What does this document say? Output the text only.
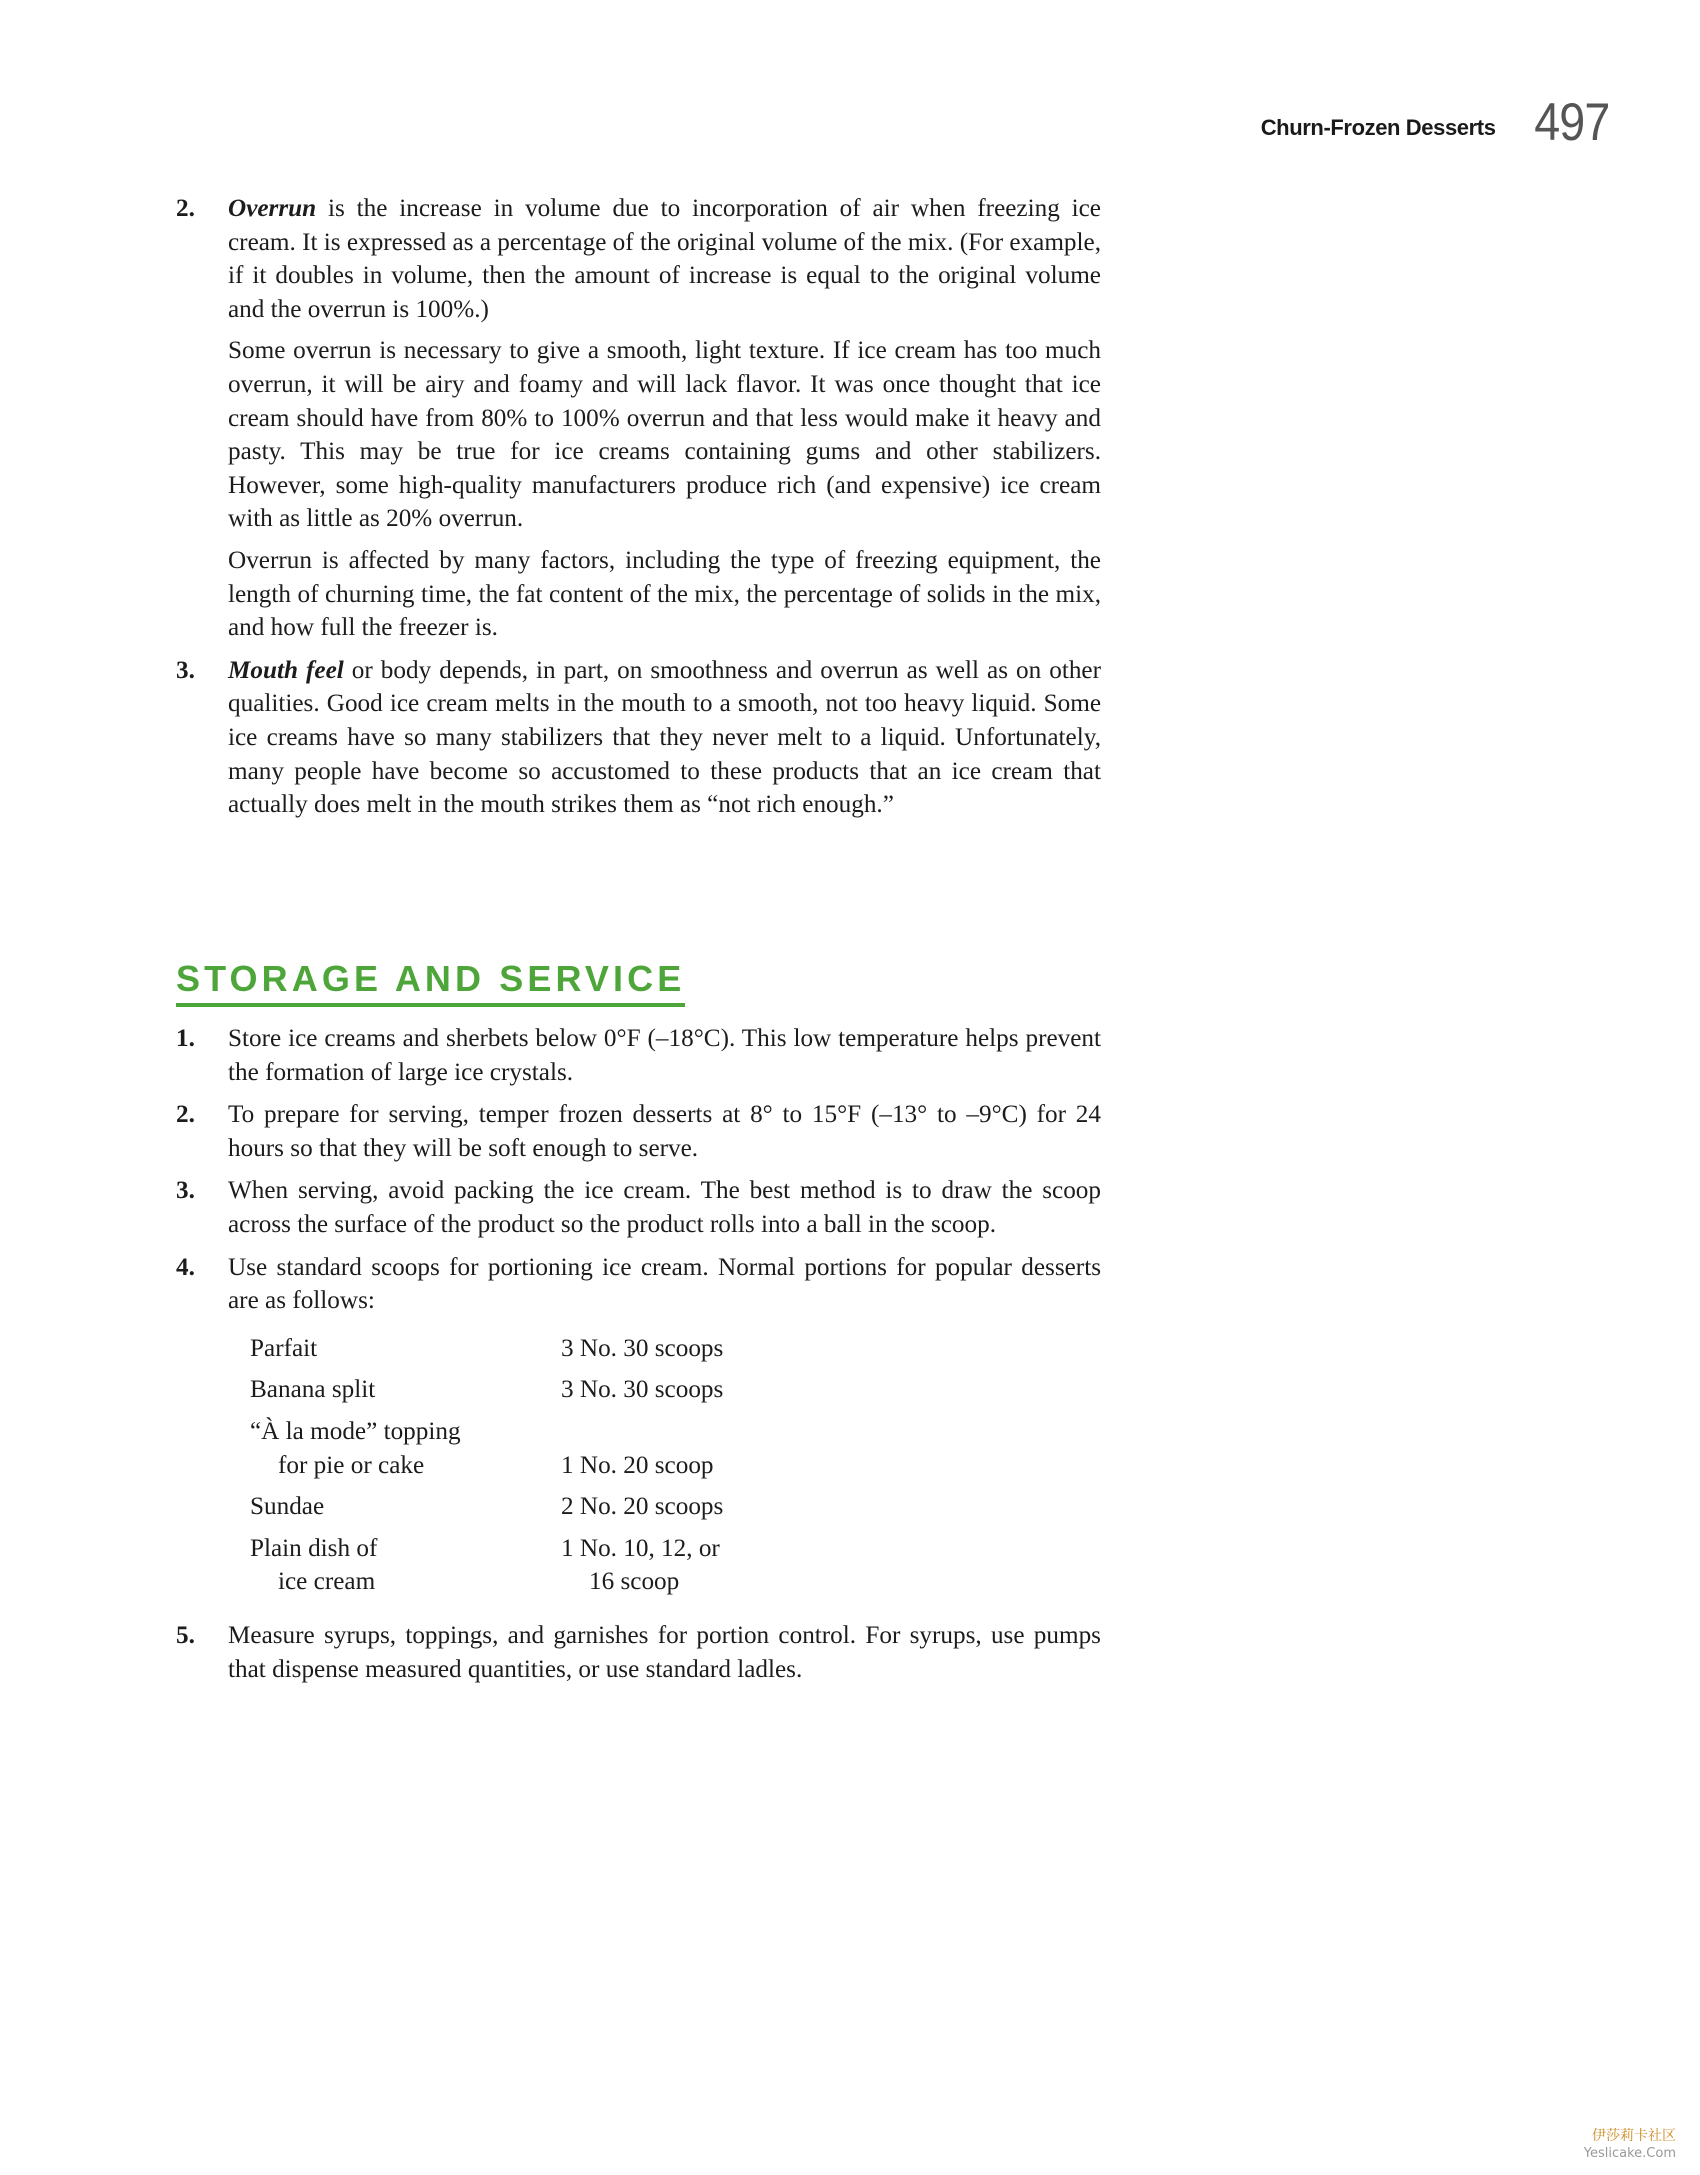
Churn-Frozen Desserts 497
2. Overrun is the increase in volume due to incorporation of air when freezing ice cream. It is expressed as a percentage of the original volume of the mix. (For example, if it doubles in volume, then the amount of increase is equal to the original volume and the overrun is 100%.)

Some overrun is necessary to give a smooth, light texture. If ice cream has too much overrun, it will be airy and foamy and will lack flavor. It was once thought that ice cream should have from 80% to 100% overrun and that less would make it heavy and pasty. This may be true for ice creams containing gums and other stabilizers. However, some high-quality manufacturers produce rich (and expensive) ice cream with as little as 20% overrun.

Overrun is affected by many factors, including the type of freezing equipment, the length of churning time, the fat content of the mix, the percentage of solids in the mix, and how full the freezer is.

3. Mouth feel or body depends, in part, on smoothness and overrun as well as on other qualities. Good ice cream melts in the mouth to a smooth, not too heavy liquid. Some ice creams have so many stabilizers that they never melt to a liquid. Unfortunately, many people have become so accustomed to these products that an ice cream that actually does melt in the mouth strikes them as “not rich enough.”

STORAGE AND SERVICE
1. Store ice creams and sherbets below 0°F (–18°C). This low temperature helps prevent the formation of large ice crystals.

2. To prepare for serving, temper frozen desserts at 8° to 15°F (–13° to –9°C) for 24 hours so that they will be soft enough to serve.

3. When serving, avoid packing the ice cream. The best method is to draw the scoop across the surface of the product so the product rolls into a ball in the scoop.

4. Use standard scoops for portioning ice cream. Normal portions for popular desserts are as follows:

Parfait	3 No. 30 scoops
Banana split	3 No. 30 scoops
“À la mode” topping
for pie or cake	1 No. 20 scoop
Sundae	2 No. 20 scoops
Plain dish of
ice cream	1 No. 10, 12, or
16 scoop
5. Measure syrups, toppings, and garnishes for portion control. For syrups, use pumps that dispense measured quantities, or use standard ladles.

伊莎莉卡社区
Yeslicake.Com
